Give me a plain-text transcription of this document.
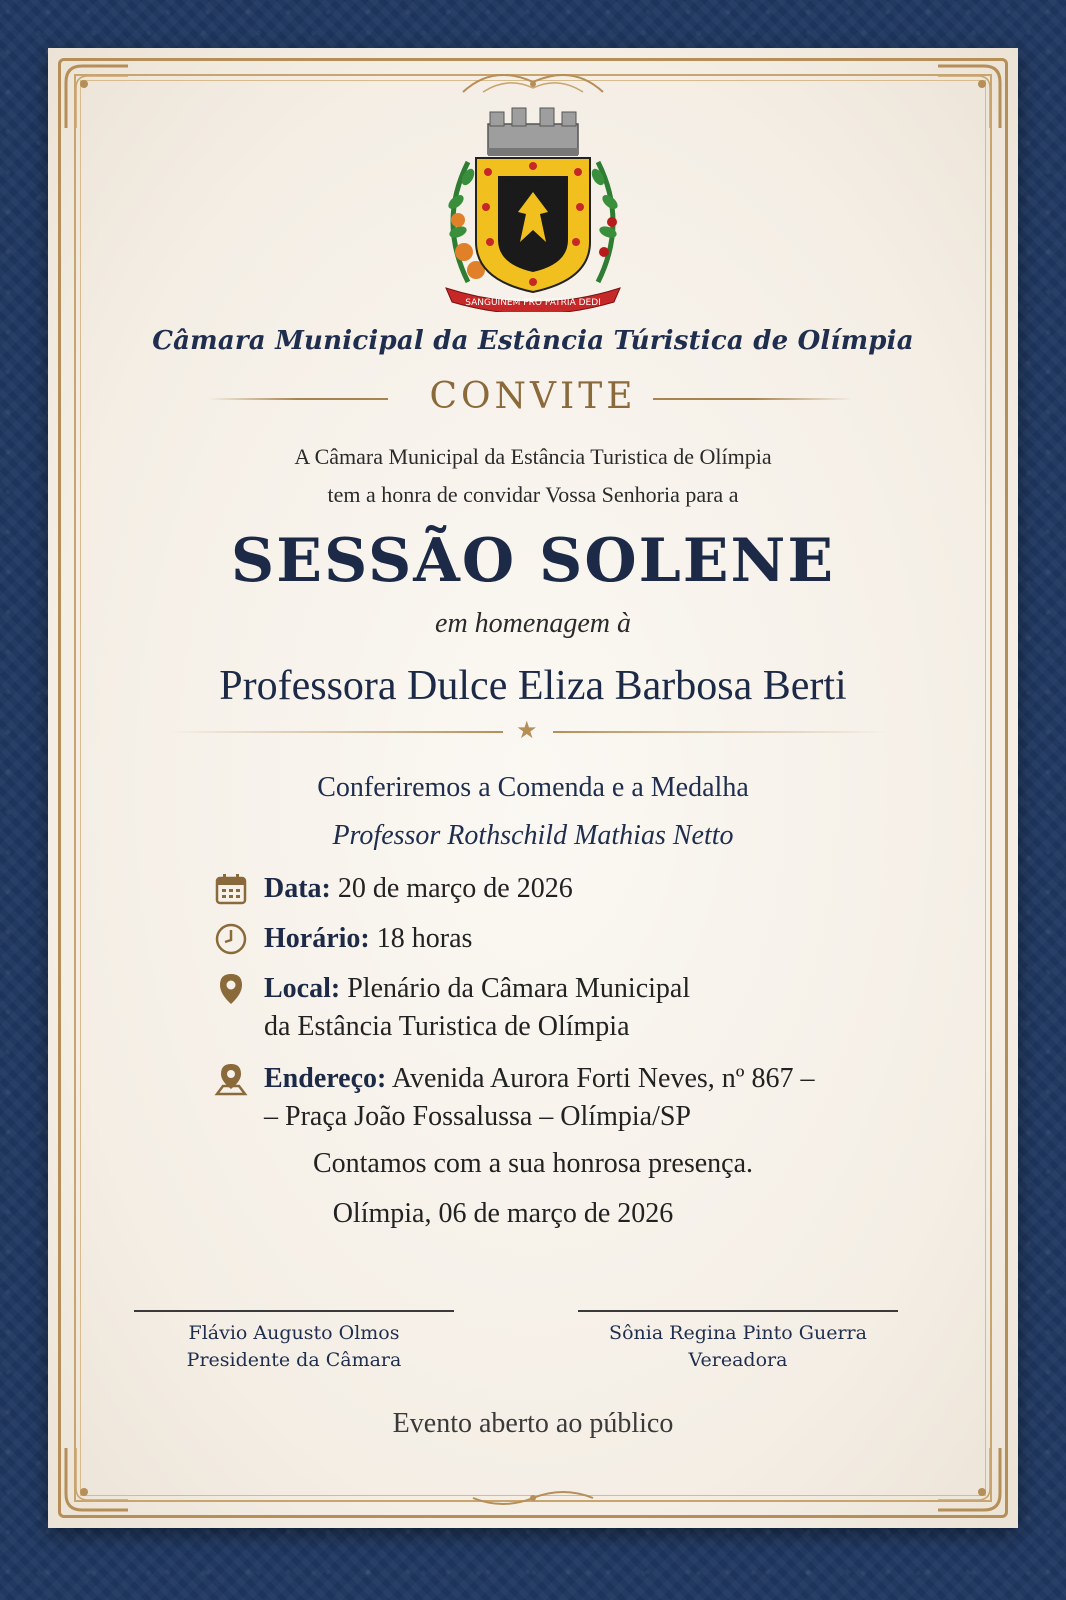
SANGUINEM PRO PATRIA DEDI
Câmara Municipal da Estância Túristica de Olímpia
CONVITE
A Câmara Municipal da Estância Turistica de Olímpia
tem a honra de convidar Vossa Senhoria para a
SESSÃO SOLENE
em homenagem à
Professora Dulce Eliza Barbosa Berti
★
Conferiremos a Comenda e a Medalha
Professor Rothschild Mathias Netto
Data: 20 de março de 2026
Horário: 18 horas
Local: Plenário da Câmara Municipal
da Estância Turistica de Olímpia
Endereço: Avenida Aurora Forti Neves, nº 867 –
– Praça João Fossalussa – Olímpia/SP
Contamos com a sua honrosa presença.
Olímpia, 06 de março de 2026
Flávio Augusto Olmos
Presidente da Câmara
Sônia Regina Pinto Guerra
Vereadora
Evento aberto ao público
